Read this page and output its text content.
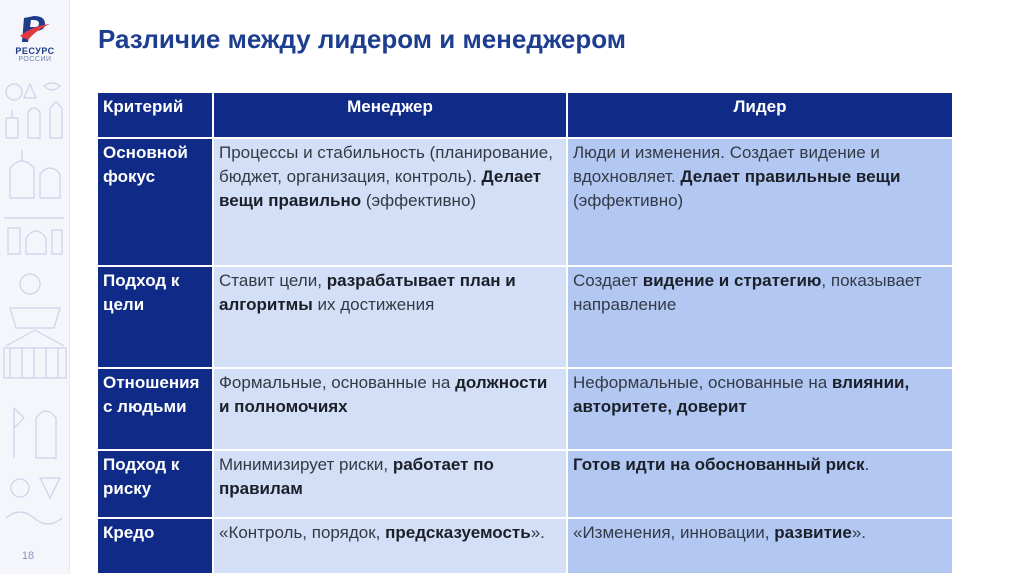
РЕСУРС
РОССИИ
18
Различие между лидером и менеджером
Критерий	Менеджер	Лидер
Основной фокус	Процессы и стабильность (планирование, бюджет, организация, контроль). Делает вещи правильно (эффективно)	Люди и изменения. Создает видение и вдохновляет. Делает правильные вещи (эффективно)
Подход к цели	Ставит цели, разрабатывает план и алгоритмы их достижения	Создает видение и стратегию, показывает направление
Отношения с людьми	Формальные, основанные на должности и полномочиях	Неформальные, основанные на влиянии, авторитете, доверит
Подход к риску	Минимизирует риски, работает по правилам	Готов идти на обоснованный риск.
Кредо	«Контроль, порядок, предсказуемость».	«Изменения, инновации, развитие».
